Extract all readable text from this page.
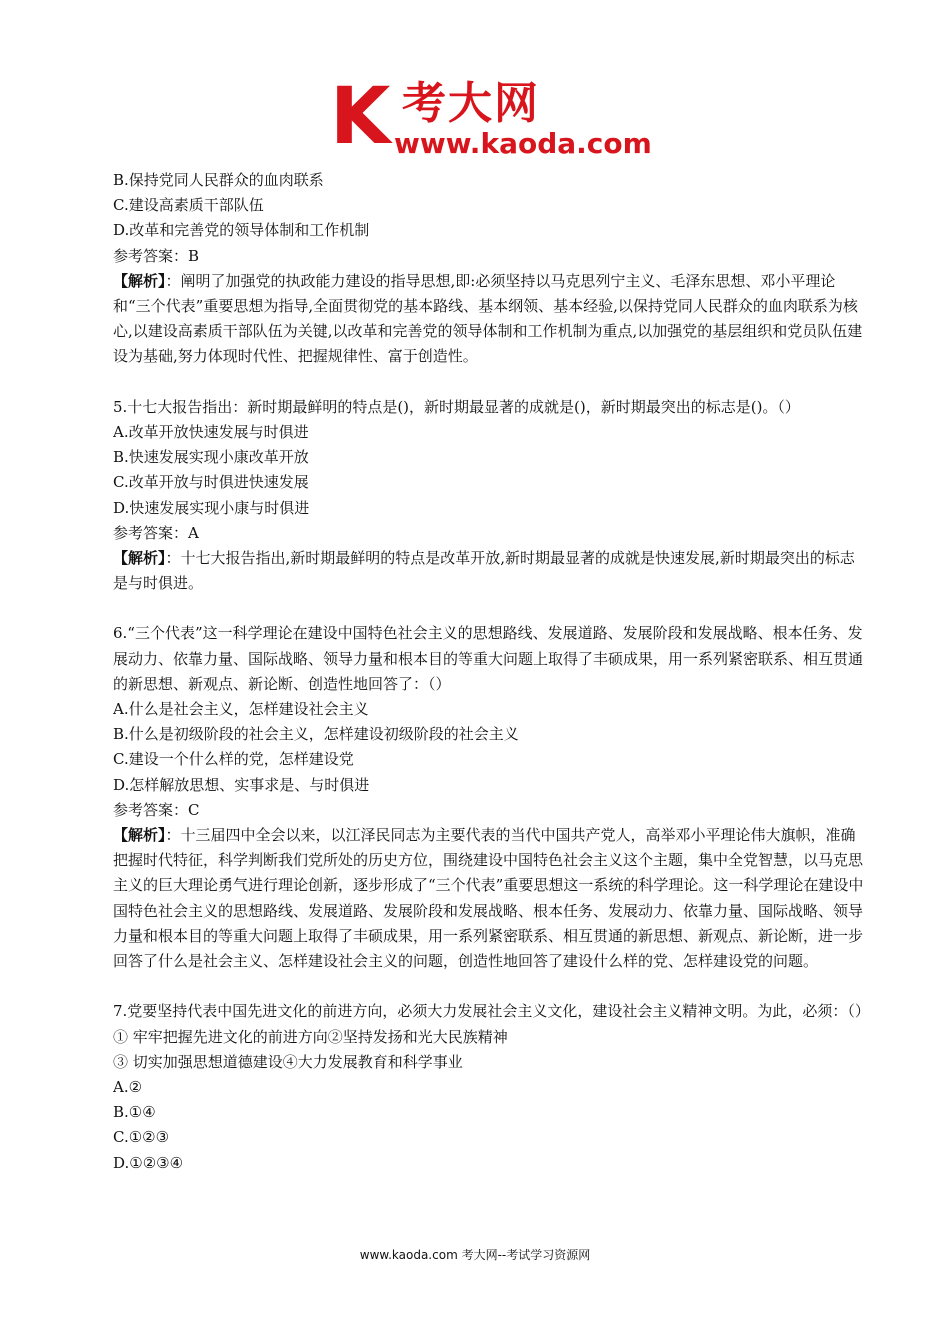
K 考大网
www.kaoda.com
B.保持党同人民群众的血肉联系
C.建设高素质干部队伍
D.改革和完善党的领导体制和工作机制
参考答案：B
【解析】：阐明了加强党的执政能力建设的指导思想,即:必须坚持以马克思列宁主义、毛泽东思想、邓小平理论和“三个代表”重要思想为指导,全面贯彻党的基本路线、基本纲领、基本经验,以保持党同人民群众的血肉联系为核心,以建设高素质干部队伍为关键,以改革和完善党的领导体制和工作机制为重点,以加强党的基层组织和党员队伍建设为基础,努力体现时代性、把握规律性、富于创造性。
5.十七大报告指出：新时期最鲜明的特点是()，新时期最显著的成就是()，新时期最突出的标志是()。（）
A.改革开放快速发展与时俱进
B.快速发展实现小康改革开放
C.改革开放与时俱进快速发展
D.快速发展实现小康与时俱进
参考答案：A
【解析】：十七大报告指出,新时期最鲜明的特点是改革开放,新时期最显著的成就是快速发展,新时期最突出的标志是与时俱进。
6.“三个代表”这一科学理论在建设中国特色社会主义的思想路线、发展道路、发展阶段和发展战略、根本任务、发展动力、依靠力量、国际战略、领导力量和根本目的等重大问题上取得了丰硕成果，用一系列紧密联系、相互贯通的新思想、新观点、新论断、创造性地回答了：（）
A.什么是社会主义，怎样建设社会主义
B.什么是初级阶段的社会主义，怎样建设初级阶段的社会主义
C.建设一个什么样的党，怎样建设党
D.怎样解放思想、实事求是、与时俱进
参考答案：C
【解析】：十三届四中全会以来，以江泽民同志为主要代表的当代中国共产党人，高举邓小平理论伟大旗帜，准确把握时代特征，科学判断我们党所处的历史方位，围绕建设中国特色社会主义这个主题，集中全党智慧，以马克思主义的巨大理论勇气进行理论创新，逐步形成了“三个代表”重要思想这一系统的科学理论。这一科学理论在建设中国特色社会主义的思想路线、发展道路、发展阶段和发展战略、根本任务、发展动力、依靠力量、国际战略、领导力量和根本目的等重大问题上取得了丰硕成果，用一系列紧密联系、相互贯通的新思想、新观点、新论断，进一步回答了什么是社会主义、怎样建设社会主义的问题，创造性地回答了建设什么样的党、怎样建设党的问题。
7.党要坚持代表中国先进文化的前进方向，必须大力发展社会主义文化，建设社会主义精神文明。为此，必须：（）
① 牢牢把握先进文化的前进方向②坚持发扬和光大民族精神
③ 切实加强思想道德建设④大力发展教育和科学事业
A.②
B.①④
C.①②③
D.①②③④
www.kaoda.com 考大网--考试学习资源网
